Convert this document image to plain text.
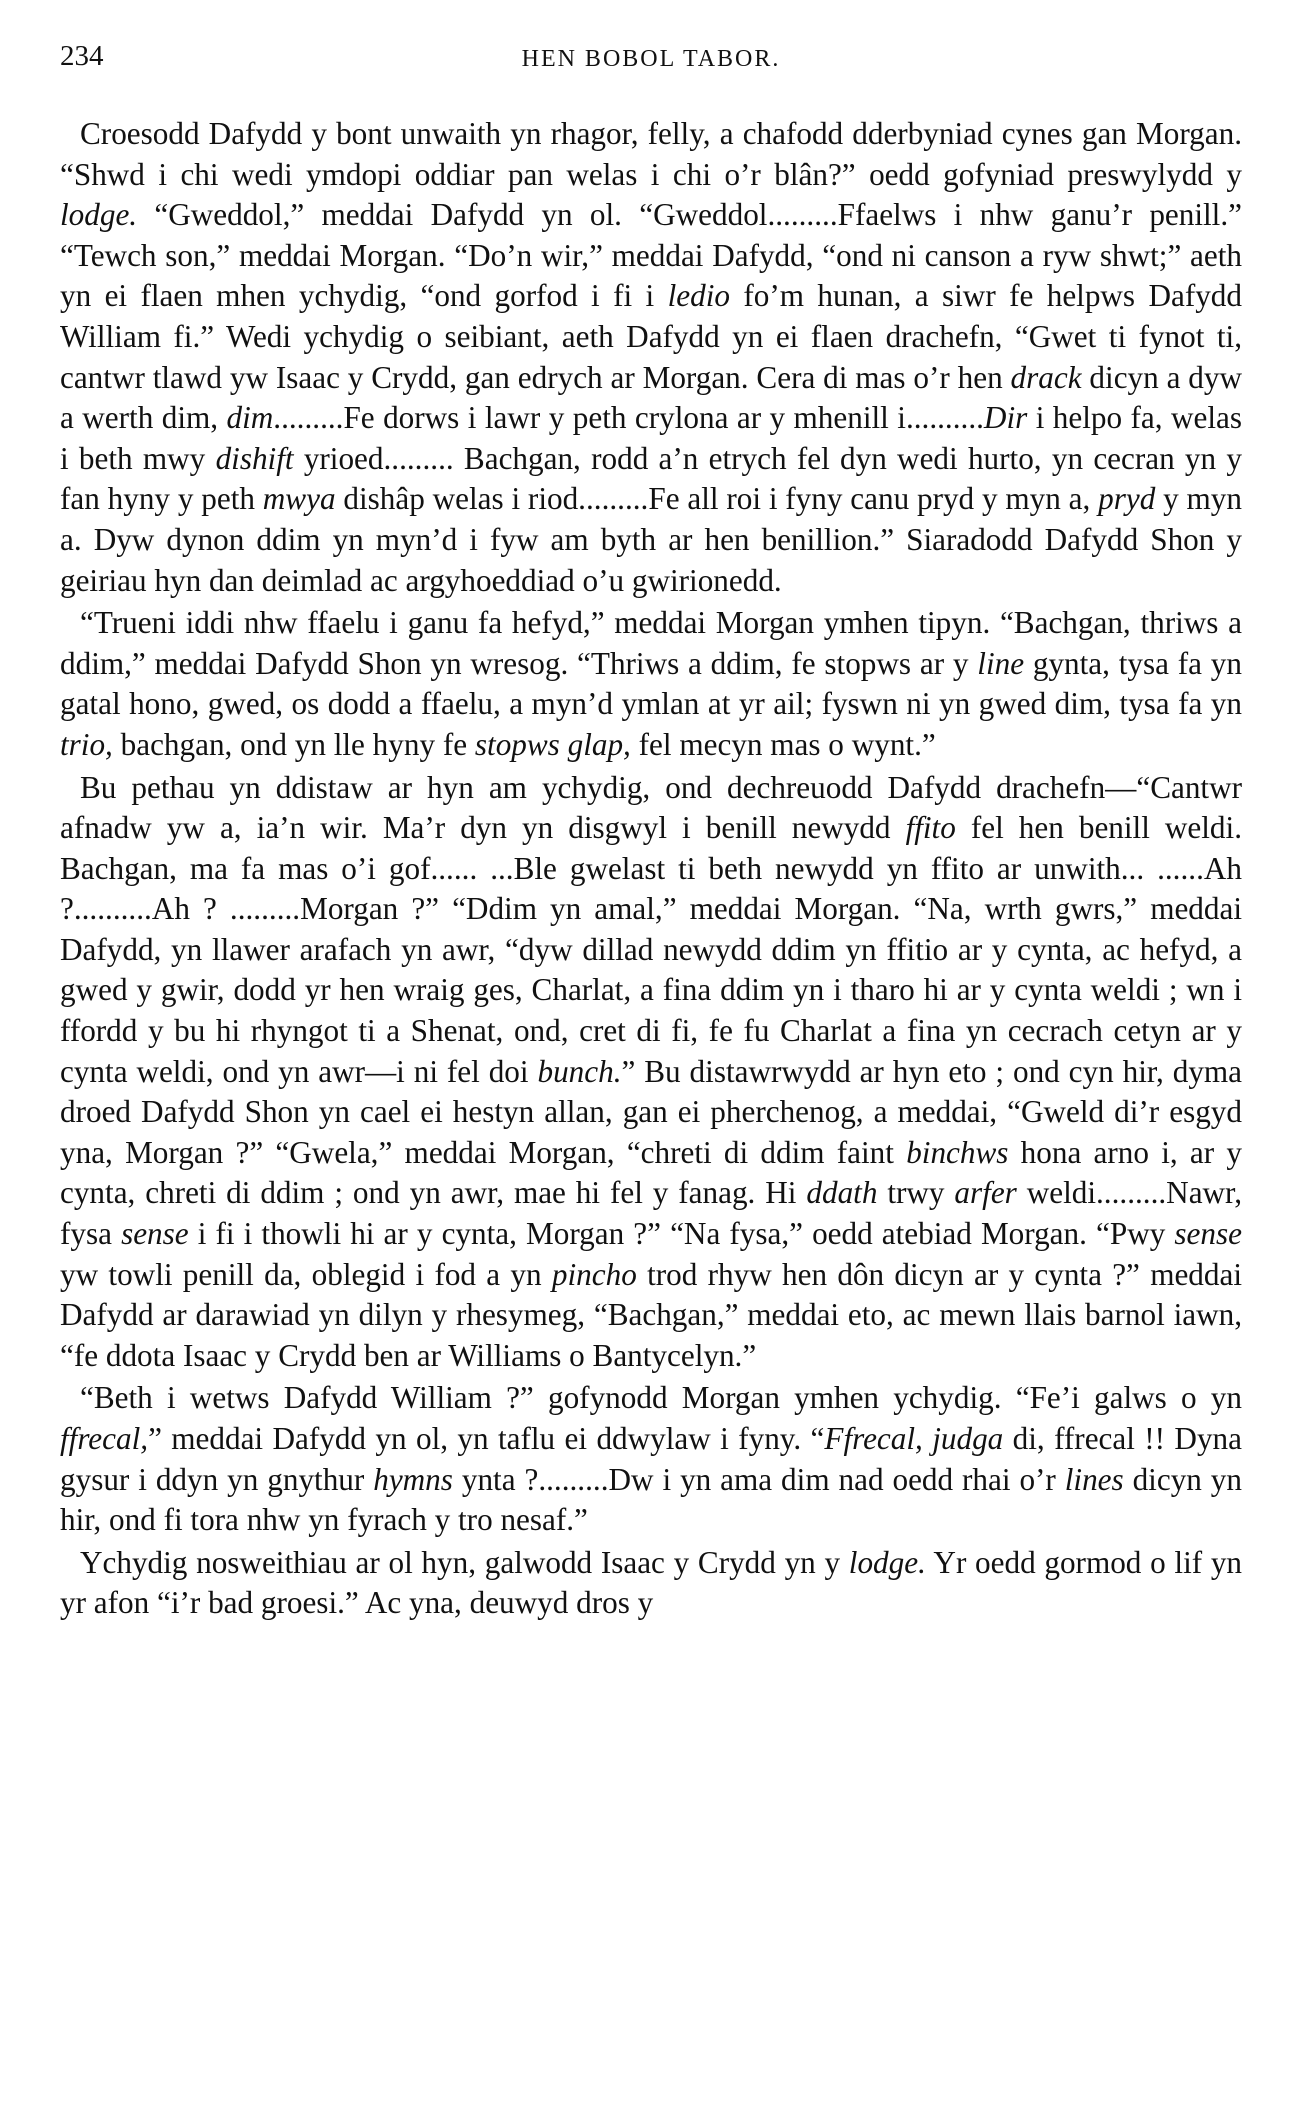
234	HEN BOBOL TABOR.

Croesodd Dafydd y bont unwaith yn rhagor, felly, a chafodd dderbyniad cynes gan Morgan. “Shwd i chi wedi ymdopi oddiar pan welas i chi o’r blân?” oedd gofyniad preswylydd y lodge. “Gweddol,” meddai Dafydd yn ol. “Gweddol.........Ffaelws i nhw ganu’r penill.” “Tewch son,” meddai Morgan. “Do’n wir,” meddai Dafydd, “ond ni canson a ryw shwt;” aeth yn ei flaen mhen ychydig, “ond gorfod i fi i ledio fo’m hunan, a siwr fe helpws Dafydd William fi.” Wedi ychydig o seibiant, aeth Dafydd yn ei flaen drachefn, “Gwet ti fynot ti, cantwr tlawd yw Isaac y Crydd, gan edrych ar Morgan. Cera di mas o’r hen drack dicyn a dyw a werth dim, dim.........Fe dorws i lawr y peth crylona ar y mhenill i..........Dir i helpo fa, welas i beth mwy dishift yrioed......... Bachgan, rodd a’n etrych fel dyn wedi hurto, yn cecran yn y fan hyny y peth mwya dishâp welas i riod.........Fe all roi i fyny canu pryd y myn a, pryd y myn a. Dyw dynon ddim yn myn’d i fyw am byth ar hen benillion.” Siaradodd Dafydd Shon y geiriau hyn dan deimlad ac argyhoeddiad o’u gwirionedd.

“Trueni iddi nhw ffaelu i ganu fa hefyd,” meddai Morgan ymhen tipyn. “Bachgan, thriws a ddim,” meddai Dafydd Shon yn wresog. “Thriws a ddim, fe stopws ar y line gynta, tysa fa yn gatal hono, gwed, os dodd a ffaelu, a myn’d ymlan at yr ail; fyswn ni yn gwed dim, tysa fa yn trio, bachgan, ond yn lle hyny fe stopws glap, fel mecyn mas o wynt.”

Bu pethau yn ddistaw ar hyn am ychydig, ond dechreuodd Dafydd drachefn—“Cantwr afnadw yw a, ia’n wir. Ma’r dyn yn disgwyl i benill newydd ffito fel hen benill weldi. Bachgan, ma fa mas o’i gof...... ...Ble gwelast ti beth newydd yn ffito ar unwith... ......Ah ?..........Ah ? .........Morgan ?” “Ddim yn amal,” meddai Morgan. “Na, wrth gwrs,” meddai Dafydd, yn llawer arafach yn awr, “dyw dillad newydd ddim yn ffitio ar y cynta, ac hefyd, a gwed y gwir, dodd yr hen wraig ges, Charlat, a fina ddim yn i tharo hi ar y cynta weldi ; wn i ffordd y bu hi rhyngot ti a Shenat, ond, cret di fi, fe fu Charlat a fina yn cecrach cetyn ar y cynta weldi, ond yn awr—i ni fel doi bunch.” Bu distawrwydd ar hyn eto ; ond cyn hir, dyma droed Dafydd Shon yn cael ei hestyn allan, gan ei pherchenog, a meddai, “Gweld di’r esgyd yna, Morgan ?” “Gwela,” meddai Morgan, “chreti di ddim faint binchws hona arno i, ar y cynta, chreti di ddim ; ond yn awr, mae hi fel y fanag. Hi ddath trwy arfer weldi.........Nawr, fysa sense i fi i thowli hi ar y cynta, Morgan ?” “Na fysa,” oedd atebiad Morgan. “Pwy sense yw towli penill da, oblegid i fod a yn pincho trod rhyw hen dôn dicyn ar y cynta ?” meddai Dafydd ar darawiad yn dilyn y rhesymeg, “Bachgan,” meddai eto, ac mewn llais barnol iawn, “fe ddota Isaac y Crydd ben ar Williams o Bantycelyn.”

“Beth i wetws Dafydd William ?” gofynodd Morgan ymhen ychydig. “Fe’i galws o yn ffrecal,” meddai Dafydd yn ol, yn taflu ei ddwylaw i fyny. “Ffrecal, judga di, ffrecal !! Dyna gysur i ddyn yn gnythur hymns ynta ?.........Dw i yn ama dim nad oedd rhai o’r lines dicyn yn hir, ond fi tora nhw yn fyrach y tro nesaf.”

Ychydig nosweithiau ar ol hyn, galwodd Isaac y Crydd yn y lodge. Yr oedd gormod o lif yn yr afon “i’r bad groesi.” Ac yna, deuwyd dros y
